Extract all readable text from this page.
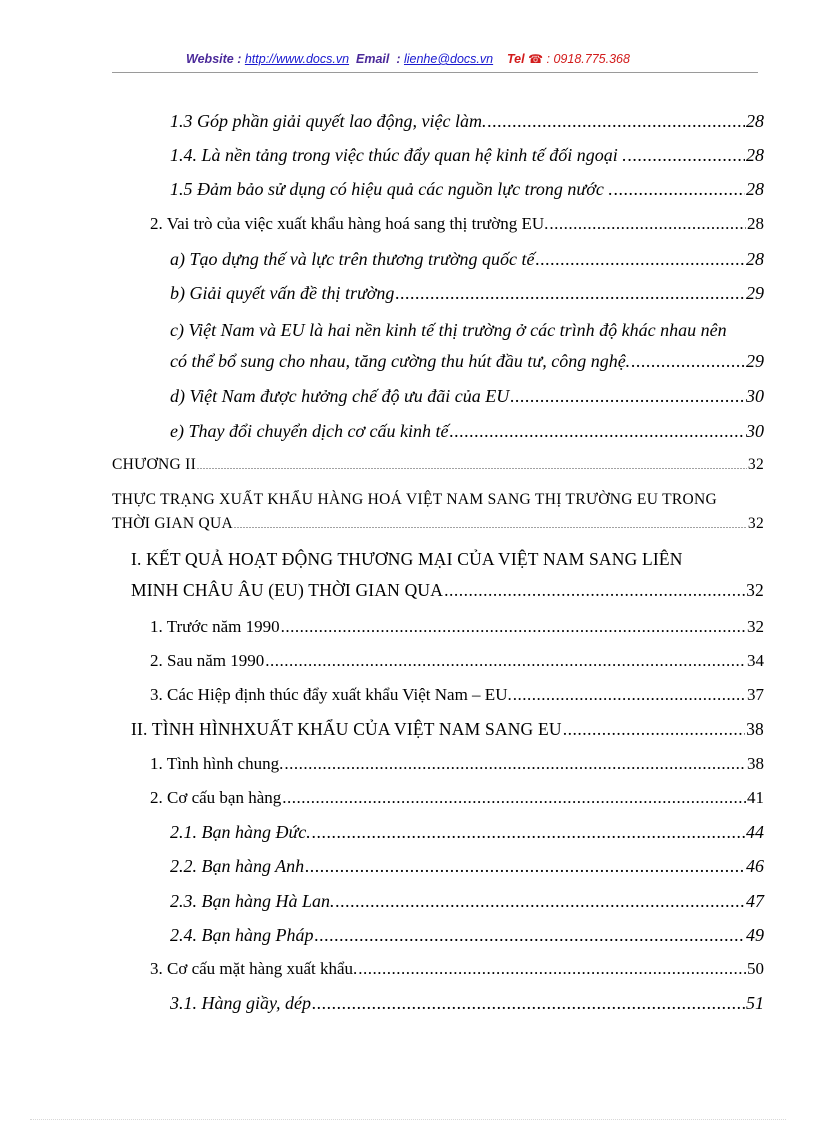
Website : http://www.docs.vn Email : lienhe@docs.vn Tel ☎ : 0918.775.368
1.3 Góp phần giải quyết lao động, việc làm. .....	28
1.4. Là nền tảng trong việc thúc đẩy quan hệ kinh tế đối ngoại . .....	28
1.5 Đảm bảo sử dụng có hiệu quả các nguồn lực trong nước . .....	28
2. Vai trò của việc xuất khẩu hàng hoá sang thị trường EU. .....	28
a) Tạo dựng thế và lực trên thương trường quốc tế .....	28
b) Giải quyết vấn đề thị trường .....	29
c) Việt Nam và EU là hai nền kinh tế thị trường ở các trình độ khác nhau nên
có thể bổ sung cho nhau, tăng cường thu hút đầu tư, công nghệ. .....	29
d) Việt Nam được hưởng chế độ ưu đãi của EU .....	30
e) Thay đổi chuyển dịch cơ cấu kinh tế .....	30
CHƯƠNG II .....	32
THỰC TRẠNG XUẤT KHẨU HÀNG HOÁ VIỆT NAM SANG THỊ TRƯỜNG EU TRONG
THỜI GIAN QUA .....	32
I. KẾT QUẢ HOẠT ĐỘNG THƯƠNG MẠI CỦA VIỆT NAM SANG LIÊN
MINH CHÂU ÂU (EU) THỜI GIAN QUA .....	32
1. Trước năm 1990 .....	32
2. Sau năm 1990 .....	34
3. Các Hiệp định thúc đẩy xuất khẩu Việt Nam – EU. .....	37
II. TÌNH HÌNHXUẤT KHẨU CỦA VIỆT NAM SANG EU .....	38
1. Tình hình chung. .....	38
2. Cơ cấu bạn hàng .....	41
2.1. Bạn hàng Đức. .....	44
2.2. Bạn hàng Anh .....	46
2.3. Bạn hàng Hà Lan. .....	47
2.4. Bạn hàng Pháp .....	49
3. Cơ cấu mặt hàng xuất khẩu. .....	50
3.1. Hàng giầy, dép .....	51
